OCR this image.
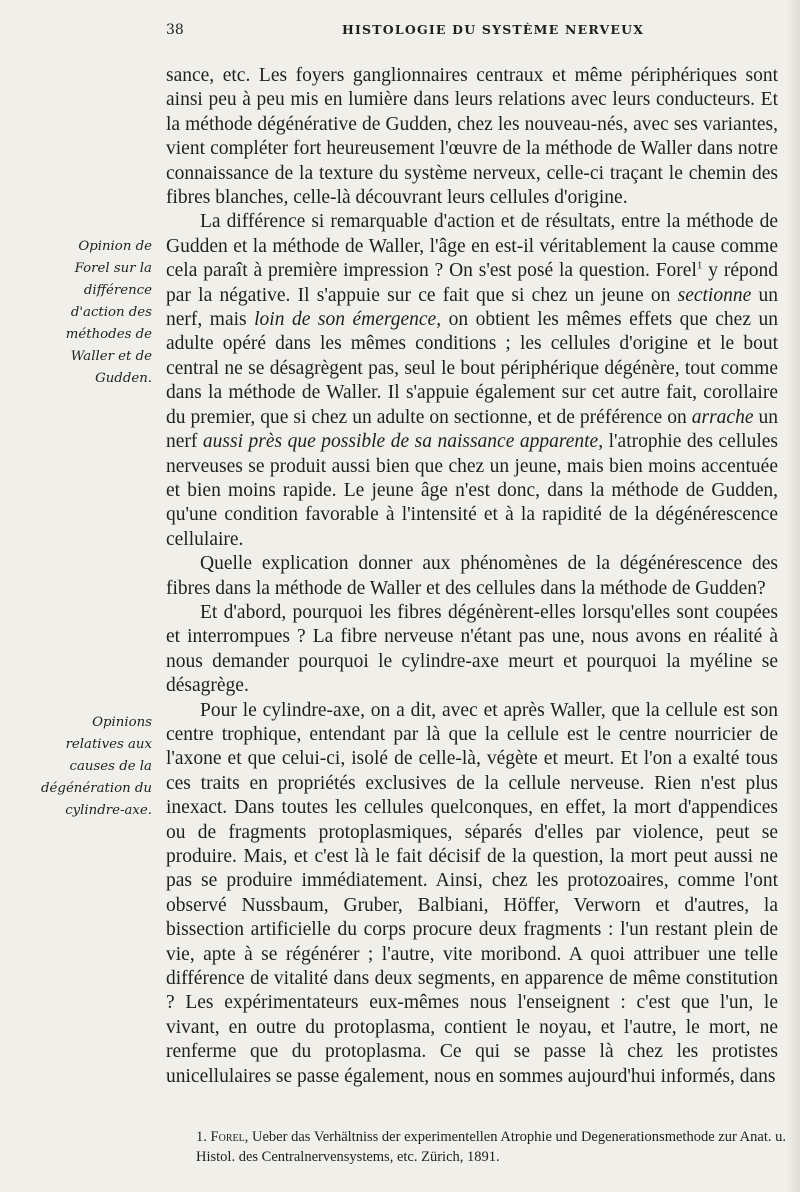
38	HISTOLOGIE DU SYSTÈME NERVEUX
Opinion de Forel sur la différence d'action des méthodes de Waller et de Gudden.
Opinions relatives aux causes de la dégénération du cylindre-axe.

sance, etc. Les foyers ganglionnaires centraux et même périphériques sont ainsi peu à peu mis en lumière dans leurs relations avec leurs conducteurs. Et la méthode dégénérative de Gudden, chez les nouveau-nés, avec ses variantes, vient compléter fort heureusement l'œuvre de la méthode de Waller dans notre connaissance de la texture du système nerveux, celle-ci traçant le chemin des fibres blanches, celle-là découvrant leurs cellules d'origine.

La différence si remarquable d'action et de résultats, entre la méthode de Gudden et la méthode de Waller, l'âge en est-il véritablement la cause comme cela paraît à première impression ? On s'est posé la question. Forel$^1$ y répond par la négative. Il s'appuie sur ce fait que si chez un jeune on sectionne un nerf, mais loin de son émergence, on obtient les mêmes effets que chez un adulte opéré dans les mêmes conditions ; les cellules d'origine et le bout central ne se désagrègent pas, seul le bout périphérique dégénère, tout comme dans la méthode de Waller. Il s'appuie également sur cet autre fait, corollaire du premier, que si chez un adulte on sectionne, et de préférence on arrache un nerf aussi près que possible de sa naissance apparente, l'atrophie des cellules nerveuses se produit aussi bien que chez un jeune, mais bien moins accentuée et bien moins rapide. Le jeune âge n'est donc, dans la méthode de Gudden, qu'une condition favorable à l'intensité et à la rapidité de la dégénérescence cellulaire.

Quelle explication donner aux phénomènes de la dégénérescence des fibres dans la méthode de Waller et des cellules dans la méthode de Gudden?

Et d'abord, pourquoi les fibres dégénèrent-elles lorsqu'elles sont coupées et interrompues ? La fibre nerveuse n'étant pas une, nous avons en réalité à nous demander pourquoi le cylindre-axe meurt et pourquoi la myéline se désagrège.

Pour le cylindre-axe, on a dit, avec et après Waller, que la cellule est son centre trophique, entendant par là que la cellule est le centre nourricier de l'axone et que celui-ci, isolé de celle-là, végète et meurt. Et l'on a exalté tous ces traits en propriétés exclusives de la cellule nerveuse. Rien n'est plus inexact. Dans toutes les cellules quelconques, en effet, la mort d'appendices ou de fragments protoplasmiques, séparés d'elles par violence, peut se produire. Mais, et c'est là le fait décisif de la question, la mort peut aussi ne pas se produire immédiatement. Ainsi, chez les protozoaires, comme l'ont observé Nussbaum, Gruber, Balbiani, Höffer, Verworn et d'autres, la bissection artificielle du corps procure deux fragments : l'un restant plein de vie, apte à se régénérer ; l'autre, vite moribond. A quoi attribuer une telle différence de vitalité dans deux segments, en apparence de même constitution ? Les expérimentateurs eux-mêmes nous l'enseignent : c'est que l'un, le vivant, en outre du protoplasma, contient le noyau, et l'autre, le mort, ne renferme que du protoplasma. Ce qui se passe là chez les protistes unicellulaires se passe également, nous en sommes aujourd'hui informés, dans

1. Forel, Ueber das Verhältniss der experimentellen Atrophie und Degenerationsmethode zur Anat. u. Histol. des Centralnervensystems, etc. Zürich, 1891.
